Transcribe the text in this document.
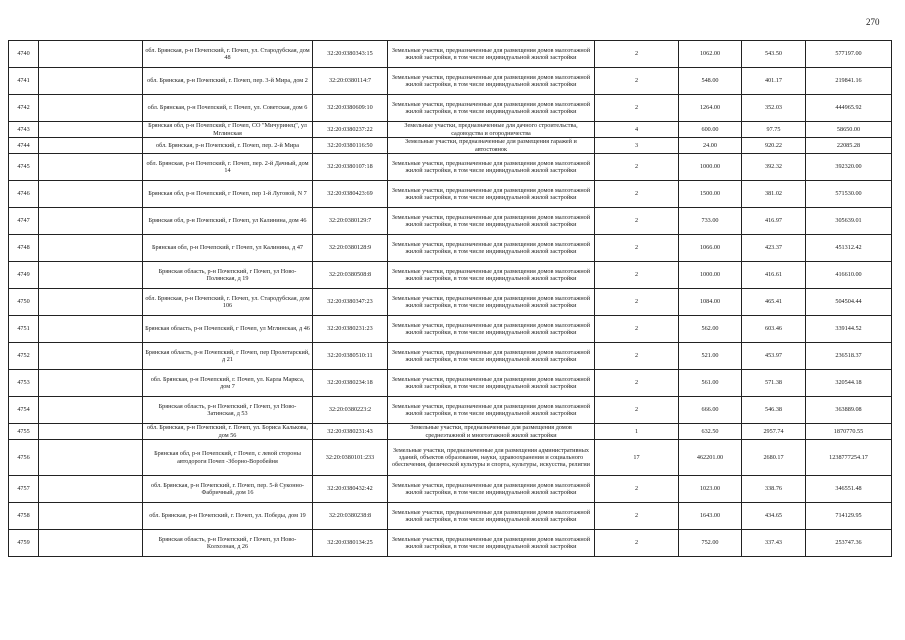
270
4740		обл. Брянская, р-н Почепский, г. Почеп, ул. Стародубская, дом 48	32:20:0380343:15	Земельные участки, предназначенные для размещения домов малоэтажной жилой застройки, в том числе индивидуальной жилой застройки	2	1062.00	543.50	577197.00
4741		обл. Брянская, р-н Почепский, г. Почеп, пер. 3-й Мира, дом 2	32:20:0380114:7	Земельные участки, предназначенные для размещения домов малоэтажной жилой застройки, в том числе индивидуальной жилой застройки	2	548.00	401.17	219841.16
4742		обл. Брянская, р-н Почепский, г. Почеп, ул. Советская, дом 6	32:20:0380609:10	Земельные участки, предназначенные для размещения домов малоэтажной жилой застройки, в том числе индивидуальной жилой застройки	2	1264.00	352.03	444965.92
4743		Брянская обл, р-н Почепский, г Почеп, СО "Мичуринец", ул Мглинская	32:20:0380237:22	Земельные участки, предназначенные для дачного строительства, садоводства и огородничества	4	600.00	97.75	58650.00
4744		обл. Брянская, р-н Почепский, г. Почеп, пер. 2-й Мира	32:20:0380116:50	Земельные участки, предназначенные для размещения гаражей и автостоянок	3	24.00	920.22	22085.28
4745		обл. Брянская, р-н Почепский, г. Почеп, пер. 2-й Дачный, дом 14	32:20:0380107:18	Земельные участки, предназначенные для размещения домов малоэтажной жилой застройки, в том числе индивидуальной жилой застройки	2	1000.00	392.32	392320.00
4746		Брянская обл, р-н Почепский, г Почеп, пер 1-й Луговой, N 7	32:20:0380423:69	Земельные участки, предназначенные для размещения домов малоэтажной жилой застройки, в том числе индивидуальной жилой застройки	2	1500.00	381.02	571530.00
4747		Брянская обл, р-н Почепский, г Почеп, ул Калинина, дом 46	32:20:0380129:7	Земельные участки, предназначенные для размещения домов малоэтажной жилой застройки, в том числе индивидуальной жилой застройки	2	733.00	416.97	305639.01
4748		Брянская обл, р-н Почепский, г Почеп, ул Калинина, д 47	32:20:0380128:9	Земельные участки, предназначенные для размещения домов малоэтажной жилой застройки, в том числе индивидуальной жилой застройки	2	1066.00	423.37	451312.42
4749		Брянская область, р-н Почепский, г Почеп, ул Ново-Полянская, д 19	32:20:0380508:8	Земельные участки, предназначенные для размещения домов малоэтажной жилой застройки, в том числе индивидуальной жилой застройки	2	1000.00	416.61	416610.00
4750		обл. Брянская, р-н Почепский, г. Почеп, ул. Стародубская, дом 106	32:20:0380347:23	Земельные участки, предназначенные для размещения домов малоэтажной жилой застройки, в том числе индивидуальной жилой застройки	2	1084.00	465.41	504504.44
4751		Брянская область, р-н Почепский, г Почеп, ул Мглинская, д 46	32:20:0380231:23	Земельные участки, предназначенные для размещения домов малоэтажной жилой застройки, в том числе индивидуальной жилой застройки	2	562.00	603.46	339144.52
4752		Брянская область, р-н Почепский, г Почеп, пер Пролетарский, д 21	32:20:0380510:11	Земельные участки, предназначенные для размещения домов малоэтажной жилой застройки, в том числе индивидуальной жилой застройки	2	521.00	453.97	236518.37
4753		обл. Брянская, р-н Почепский, г. Почеп, ул. Карла Маркса, дом 7	32:20:0380234:18	Земельные участки, предназначенные для размещения домов малоэтажной жилой застройки, в том числе индивидуальной жилой застройки	2	561.00	571.38	320544.18
4754		Брянская область, р-н Почепский, г Почеп, ул Ново-Затинская, д 53	32:20:0380223:2	Земельные участки, предназначенные для размещения домов малоэтажной жилой застройки, в том числе индивидуальной жилой застройки	2	666.00	546.38	363889.08
4755		обл. Брянская, р-н Почепский, г. Почеп, ул. Бориса Калькова, дом 56	32:20:0380231:43	Земельные участки, предназначенные для размещения домов среднеэтажной и многоэтажной жилой застройки	1	632.50	2957.74	1870770.55
4756		Брянская обл, р-н Почепский, г Почеп, с левой стороны автодороги Почеп -Зборно-Воробейня	32:20:0380101:233	Земельные участки, предназначенные для размещения административных зданий, объектов образования, науки, здравоохранения и социального обеспечения, физической культуры и спорта, культуры, искусства, религии	17	462201.00	2680.17	1238777254.17
4757		обл. Брянская, р-н Почепский, г. Почеп, пер. 5-й Суконно-Фабричный, дом 16	32:20:0380432:42	Земельные участки, предназначенные для размещения домов малоэтажной жилой застройки, в том числе индивидуальной жилой застройки	2	1023.00	338.76	346551.48
4758		обл. Брянская, р-н Почепский, г. Почеп, ул. Победы, дом 19	32:20:0380238:8	Земельные участки, предназначенные для размещения домов малоэтажной жилой застройки, в том числе индивидуальной жилой застройки	2	1643.00	434.65	714129.95
4759		Брянская область, р-н Почепский, г Почеп, ул Ново-Колхозная, д 26	32:20:0380134:25	Земельные участки, предназначенные для размещения домов малоэтажной жилой застройки, в том числе индивидуальной жилой застройки	2	752.00	337.43	253747.36
